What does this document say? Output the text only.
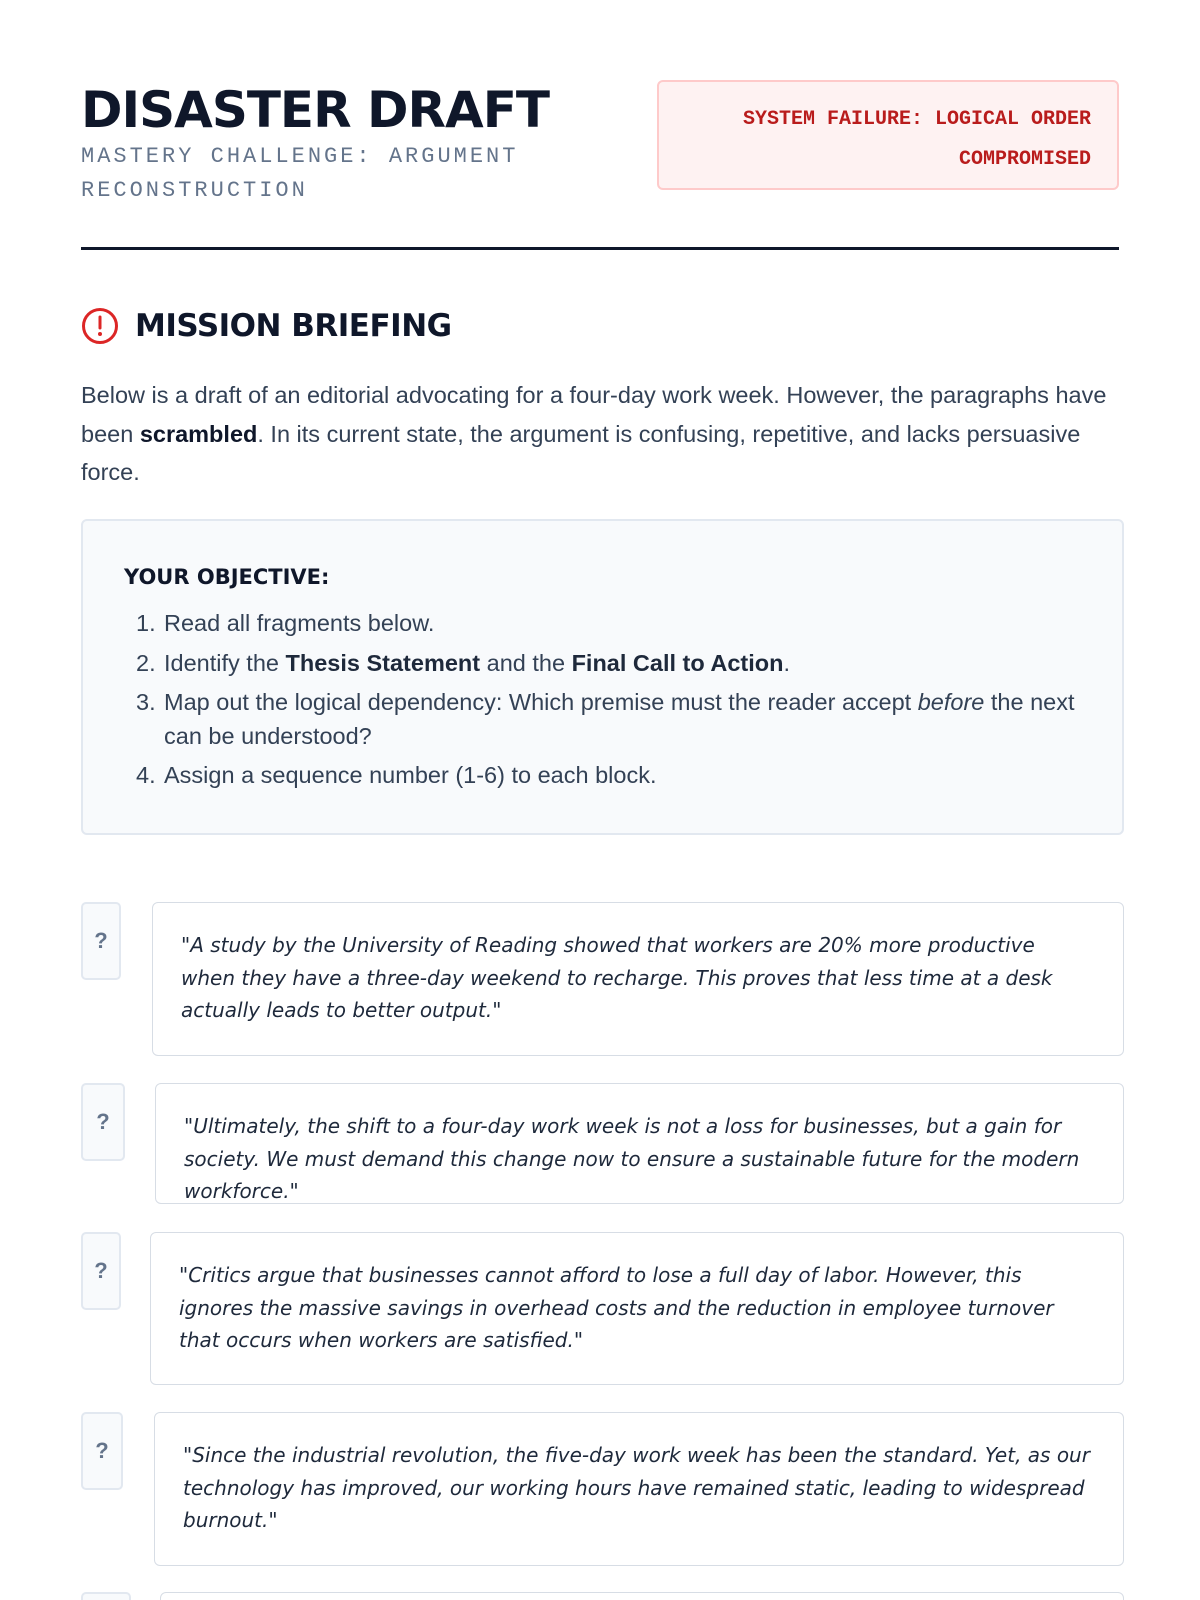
DISASTER DRAFT
MASTERY CHALLENGE: ARGUMENT RECONSTRUCTION
SYSTEM FAILURE: LOGICAL ORDER
COMPROMISED
MISSION BRIEFING

Below is a draft of an editorial advocating for a four-day work week. However, the paragraphs have been scrambled. In its current state, the argument is confusing, repetitive, and lacks persuasive force.

YOUR OBJECTIVE:
1. Read all fragments below.
2. Identify the Thesis Statement and the Final Call to Action.
3. Map out the logical dependency: Which premise must the reader accept before the next can be understood?
4. Assign a sequence number (1-6) to each block.
?	"A study by the University of Reading showed that workers are 20% more productive when they have a three-day weekend to recharge. This proves that less time at a desk actually leads to better output."
?	"Ultimately, the shift to a four-day work week is not a loss for businesses, but a gain for society. We must demand this change now to ensure a sustainable future for the modern workforce."
?	"Critics argue that businesses cannot afford to lose a full day of labor. However, this ignores the massive savings in overhead costs and the reduction in employee turnover that occurs when workers are satisfied."
?	"Since the industrial revolution, the five-day work week has been the standard. Yet, as our technology has improved, our working hours have remained static, leading to widespread burnout."
